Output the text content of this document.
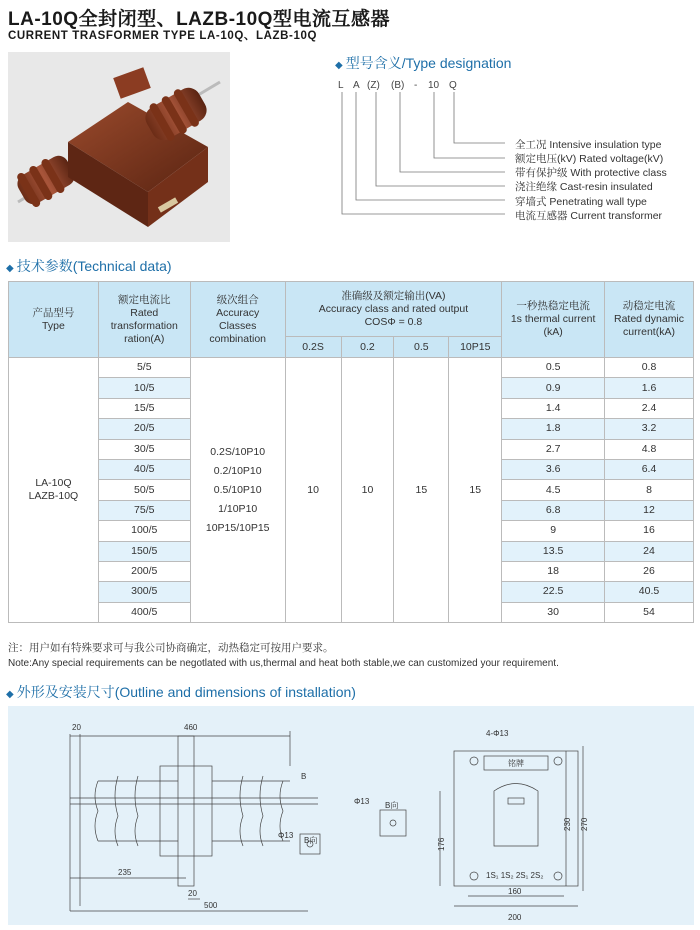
LA-10Q全封闭型、LAZB-10Q型电流互感器
CURRENT TRASFORMER TYPE LA-10Q、LAZB-10Q
◆ 型号含义/Type designation
L A (Z) (B) - 10 Q
全工况 Intensive insulation type
额定电压(kV) Rated voltage(kV)
带有保护级 With protective class
浇注绝缘 Cast-resin insulated
穿墙式 Penetrating wall type
电流互感器 Current transformer
◆ 技术参数(Technical data)
产品型号
Type	额定电流比
Rated
transformation
ration(A)	级次组合
Accuracy
Classes
combination	准确级及额定输出(VA)
Accuracy class and rated output
COSΦ = 0.8				一秒热稳定电流
1s thermal current
(kA)	动稳定电流
Rated dynamic
current(kA)
			0.2S	0.2	0.5	10P15		
LA-10Q
LAZB-10Q	5/5	0.2S/10P10
0.2/10P10
0.5/10P10
1/10P10
10P15/10P15	10	10	15	15	0.5	0.8
	10/5						0.9	1.6
	15/5						1.4	2.4
	20/5						1.8	3.2
	30/5						2.7	4.8
	40/5						3.6	6.4
	50/5						4.5	8
	75/5						6.8	12
	100/5						9	16
	150/5						13.5	24
	200/5						18	26
	300/5						22.5	40.5
	400/5						30	54
注：用户如有特殊要求可与我公司协商确定，动热稳定可按用户要求。
Note:Any special requirements can be negotlated with us,thermal and heat both stable,we can customized your requirement.
◆ 外形及安装尺寸(Outline and dimensions of installation)
20	460
235
20
500
B
Φ13 B向
Φ13
B向
4-Φ13
铭牌
230 270
176
1S₁ 1S₂ 2S₁ 2S₂
160
200
